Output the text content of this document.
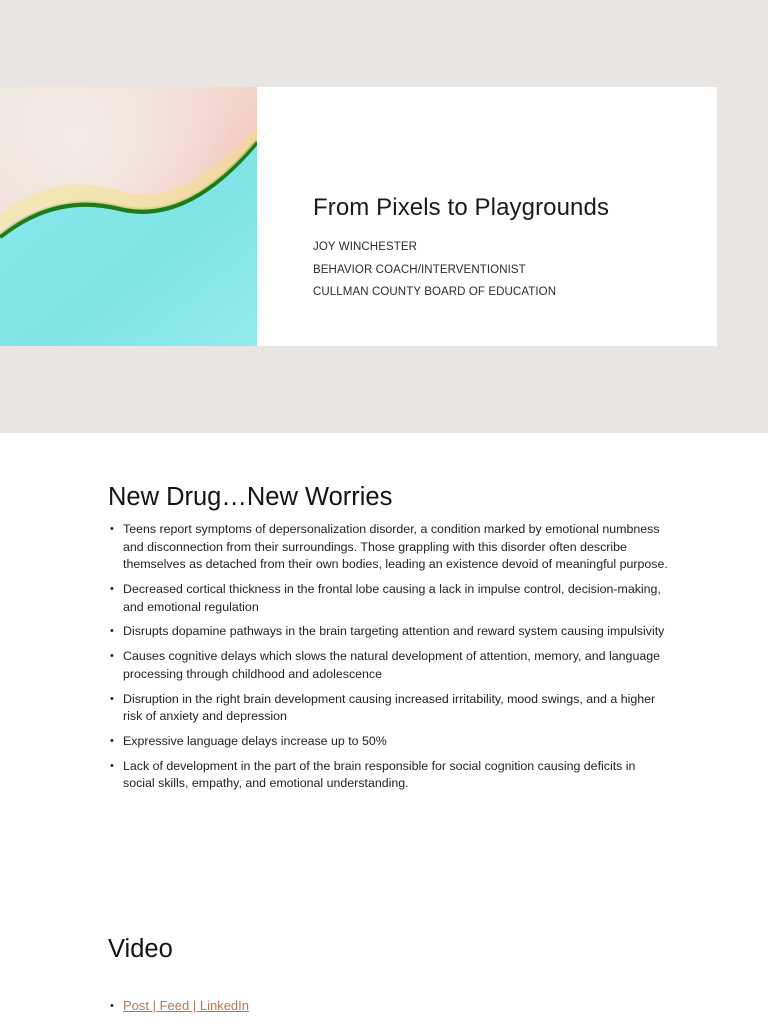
From Pixels to Playgrounds

JOY WINCHESTER

BEHAVIOR COACH/INTERVENTIONIST

CULLMAN COUNTY BOARD OF EDUCATION

New Drug…New Worries
• Teens report symptoms of depersonalization disorder, a condition marked by emotional numbness and disconnection from their surroundings. Those grappling with this disorder often describe themselves as detached from their own bodies, leading an existence devoid of meaningful purpose.
• Decreased cortical thickness in the frontal lobe causing a lack in impulse control, decision-making, and emotional regulation
• Disrupts dopamine pathways in the brain targeting attention and reward system causing impulsivity
• Causes cognitive delays which slows the natural development of attention, memory, and language processing through childhood and adolescence
• Disruption in the right brain development causing increased irritability, mood swings, and a higher risk of anxiety and depression
• Expressive language delays increase up to 50%
• Lack of development in the part of the brain responsible for social cognition causing deficits in social skills, empathy, and emotional understanding.
Video
• Post | Feed | LinkedIn
